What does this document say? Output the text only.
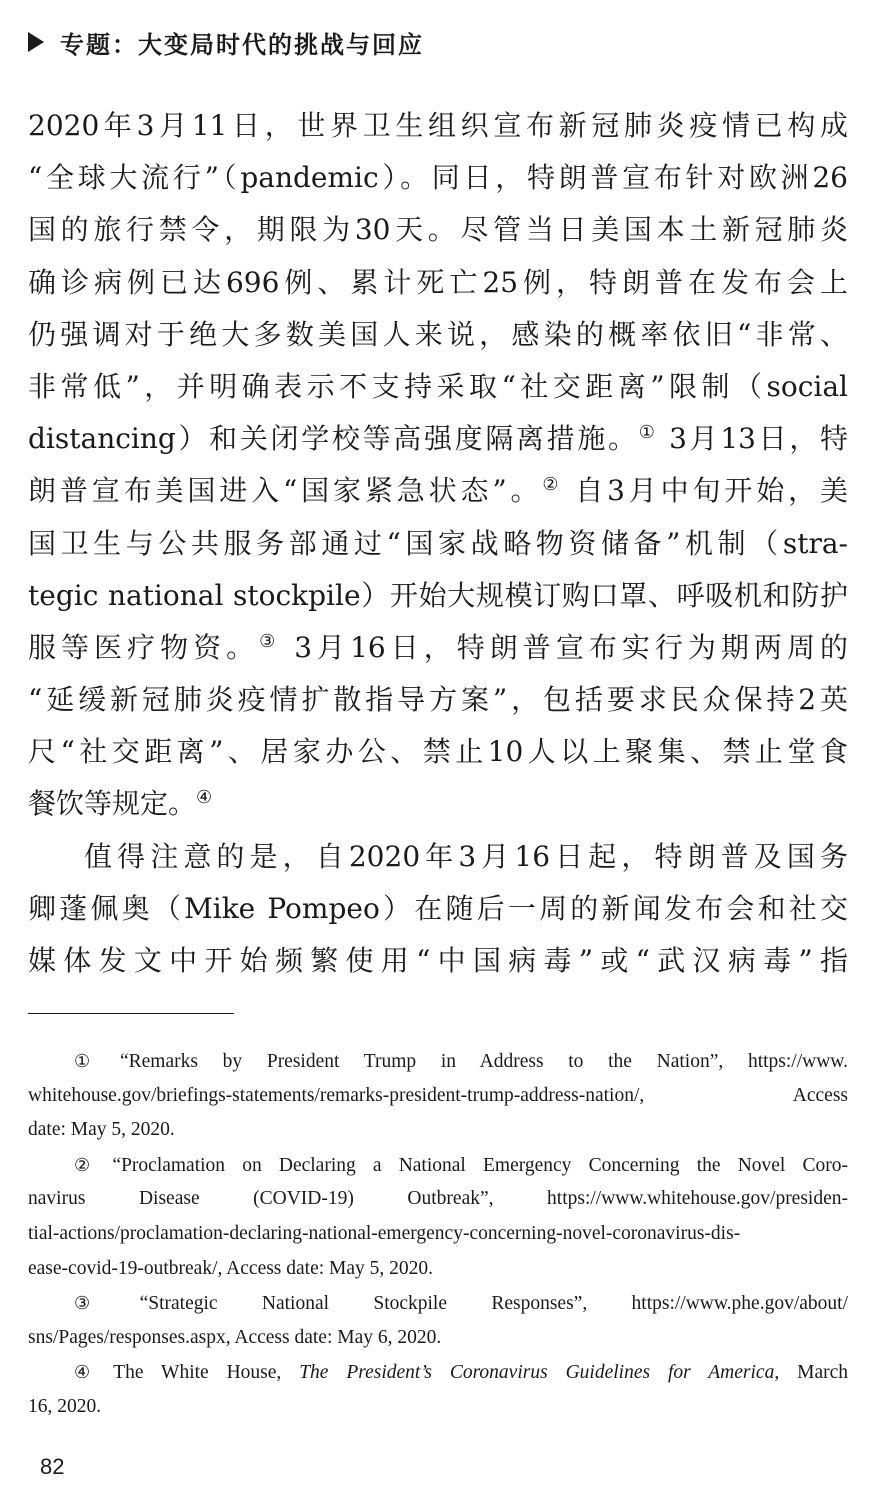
专题：大变局时代的挑战与回应
2020年3月11日，世界卫生组织宣布新冠肺炎疫情已构成
“全球大流行”（pandemic）。同日，特朗普宣布针对欧洲26
国的旅行禁令，期限为30天。尽管当日美国本土新冠肺炎
确诊病例已达696例、累计死亡25例，特朗普在发布会上
仍强调对于绝大多数美国人来说，感染的概率依旧“非常、
非常低”，并明确表示不支持采取“社交距离”限制（social
distancing）和关闭学校等高强度隔离措施。① 3月13日，特
朗普宣布美国进入“国家紧急状态”。② 自3月中旬开始，美
国卫生与公共服务部通过“国家战略物资储备”机制（stra-
tegic national stockpile）开始大规模订购口罩、呼吸机和防护
服等医疗物资。③ 3月16日，特朗普宣布实行为期两周的
“延缓新冠肺炎疫情扩散指导方案”，包括要求民众保持2英
尺“社交距离”、居家办公、禁止10人以上聚集、禁止堂食
餐饮等规定。④
值得注意的是，自2020年3月16日起，特朗普及国务
卿蓬佩奥（Mike Pompeo）在随后一周的新闻发布会和社交
媒体发文中开始频繁使用“中国病毒”或“武汉病毒”指
① “Remarks by President Trump in Address to the Nation”, https://www.
whitehouse.gov/briefings-statements/remarks-president-trump-address-nation/, Access
date: May 5, 2020.
② “Proclamation on Declaring a National Emergency Concerning the Novel Coro-
navirus Disease (COVID-19) Outbreak”, https://www.whitehouse.gov/presiden-
tial-actions/proclamation-declaring-national-emergency-concerning-novel-coronavirus-dis-
ease-covid-19-outbreak/, Access date: May 5, 2020.
③ “Strategic National Stockpile Responses”, https://www.phe.gov/about/
sns/Pages/responses.aspx, Access date: May 6, 2020.
④ The White House, The President’s Coronavirus Guidelines for America, March
16, 2020.
82
